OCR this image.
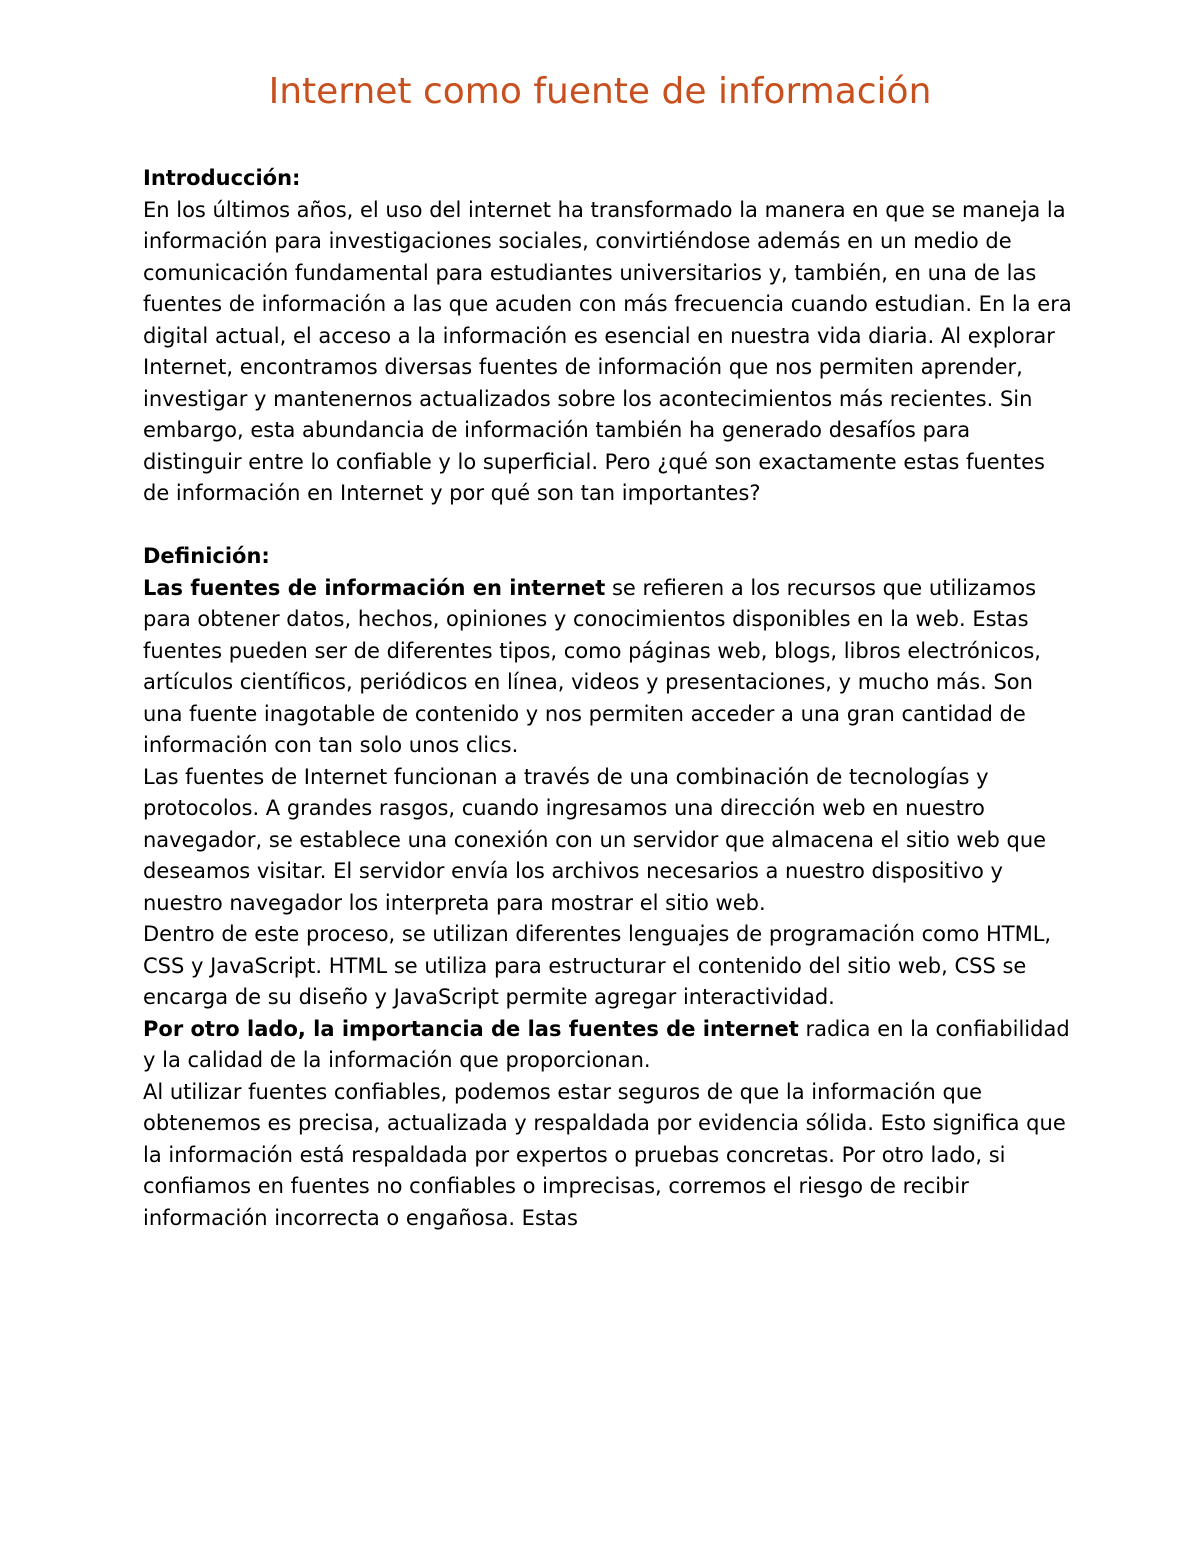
Internet como fuente de información

Introducción:

En los últimos años, el uso del internet ha transformado la manera en que se maneja la información para investigaciones sociales, convirtiéndose además en un medio de comunicación fundamental para estudiantes universitarios y, también, en una de las fuentes de información a las que acuden con más frecuencia cuando estudian. En la era digital actual, el acceso a la información es esencial en nuestra vida diaria. Al explorar Internet, encontramos diversas fuentes de información que nos permiten aprender, investigar y mantenernos actualizados sobre los acontecimientos más recientes. Sin embargo, esta abundancia de información también ha generado desafíos para distinguir entre lo confiable y lo superficial. Pero ¿qué son exactamente estas fuentes de información en Internet y por qué son tan importantes?

Definición:

Las fuentes de información en internet se refieren a los recursos que utilizamos para obtener datos, hechos, opiniones y conocimientos disponibles en la web. Estas fuentes pueden ser de diferentes tipos, como páginas web, blogs, libros electrónicos, artículos científicos, periódicos en línea, videos y presentaciones, y mucho más. Son una fuente inagotable de contenido y nos permiten acceder a una gran cantidad de información con tan solo unos clics.

Las fuentes de Internet funcionan a través de una combinación de tecnologías y protocolos. A grandes rasgos, cuando ingresamos una dirección web en nuestro navegador, se establece una conexión con un servidor que almacena el sitio web que deseamos visitar. El servidor envía los archivos necesarios a nuestro dispositivo y nuestro navegador los interpreta para mostrar el sitio web.

Dentro de este proceso, se utilizan diferentes lenguajes de programación como HTML, CSS y JavaScript. HTML se utiliza para estructurar el contenido del sitio web, CSS se encarga de su diseño y JavaScript permite agregar interactividad.

Por otro lado, la importancia de las fuentes de internet radica en la confiabilidad y la calidad de la información que proporcionan.

Al utilizar fuentes confiables, podemos estar seguros de que la información que obtenemos es precisa, actualizada y respaldada por evidencia sólida. Esto significa que la información está respaldada por expertos o pruebas concretas. Por otro lado, si confiamos en fuentes no confiables o imprecisas, corremos el riesgo de recibir información incorrecta o engañosa. Estas
